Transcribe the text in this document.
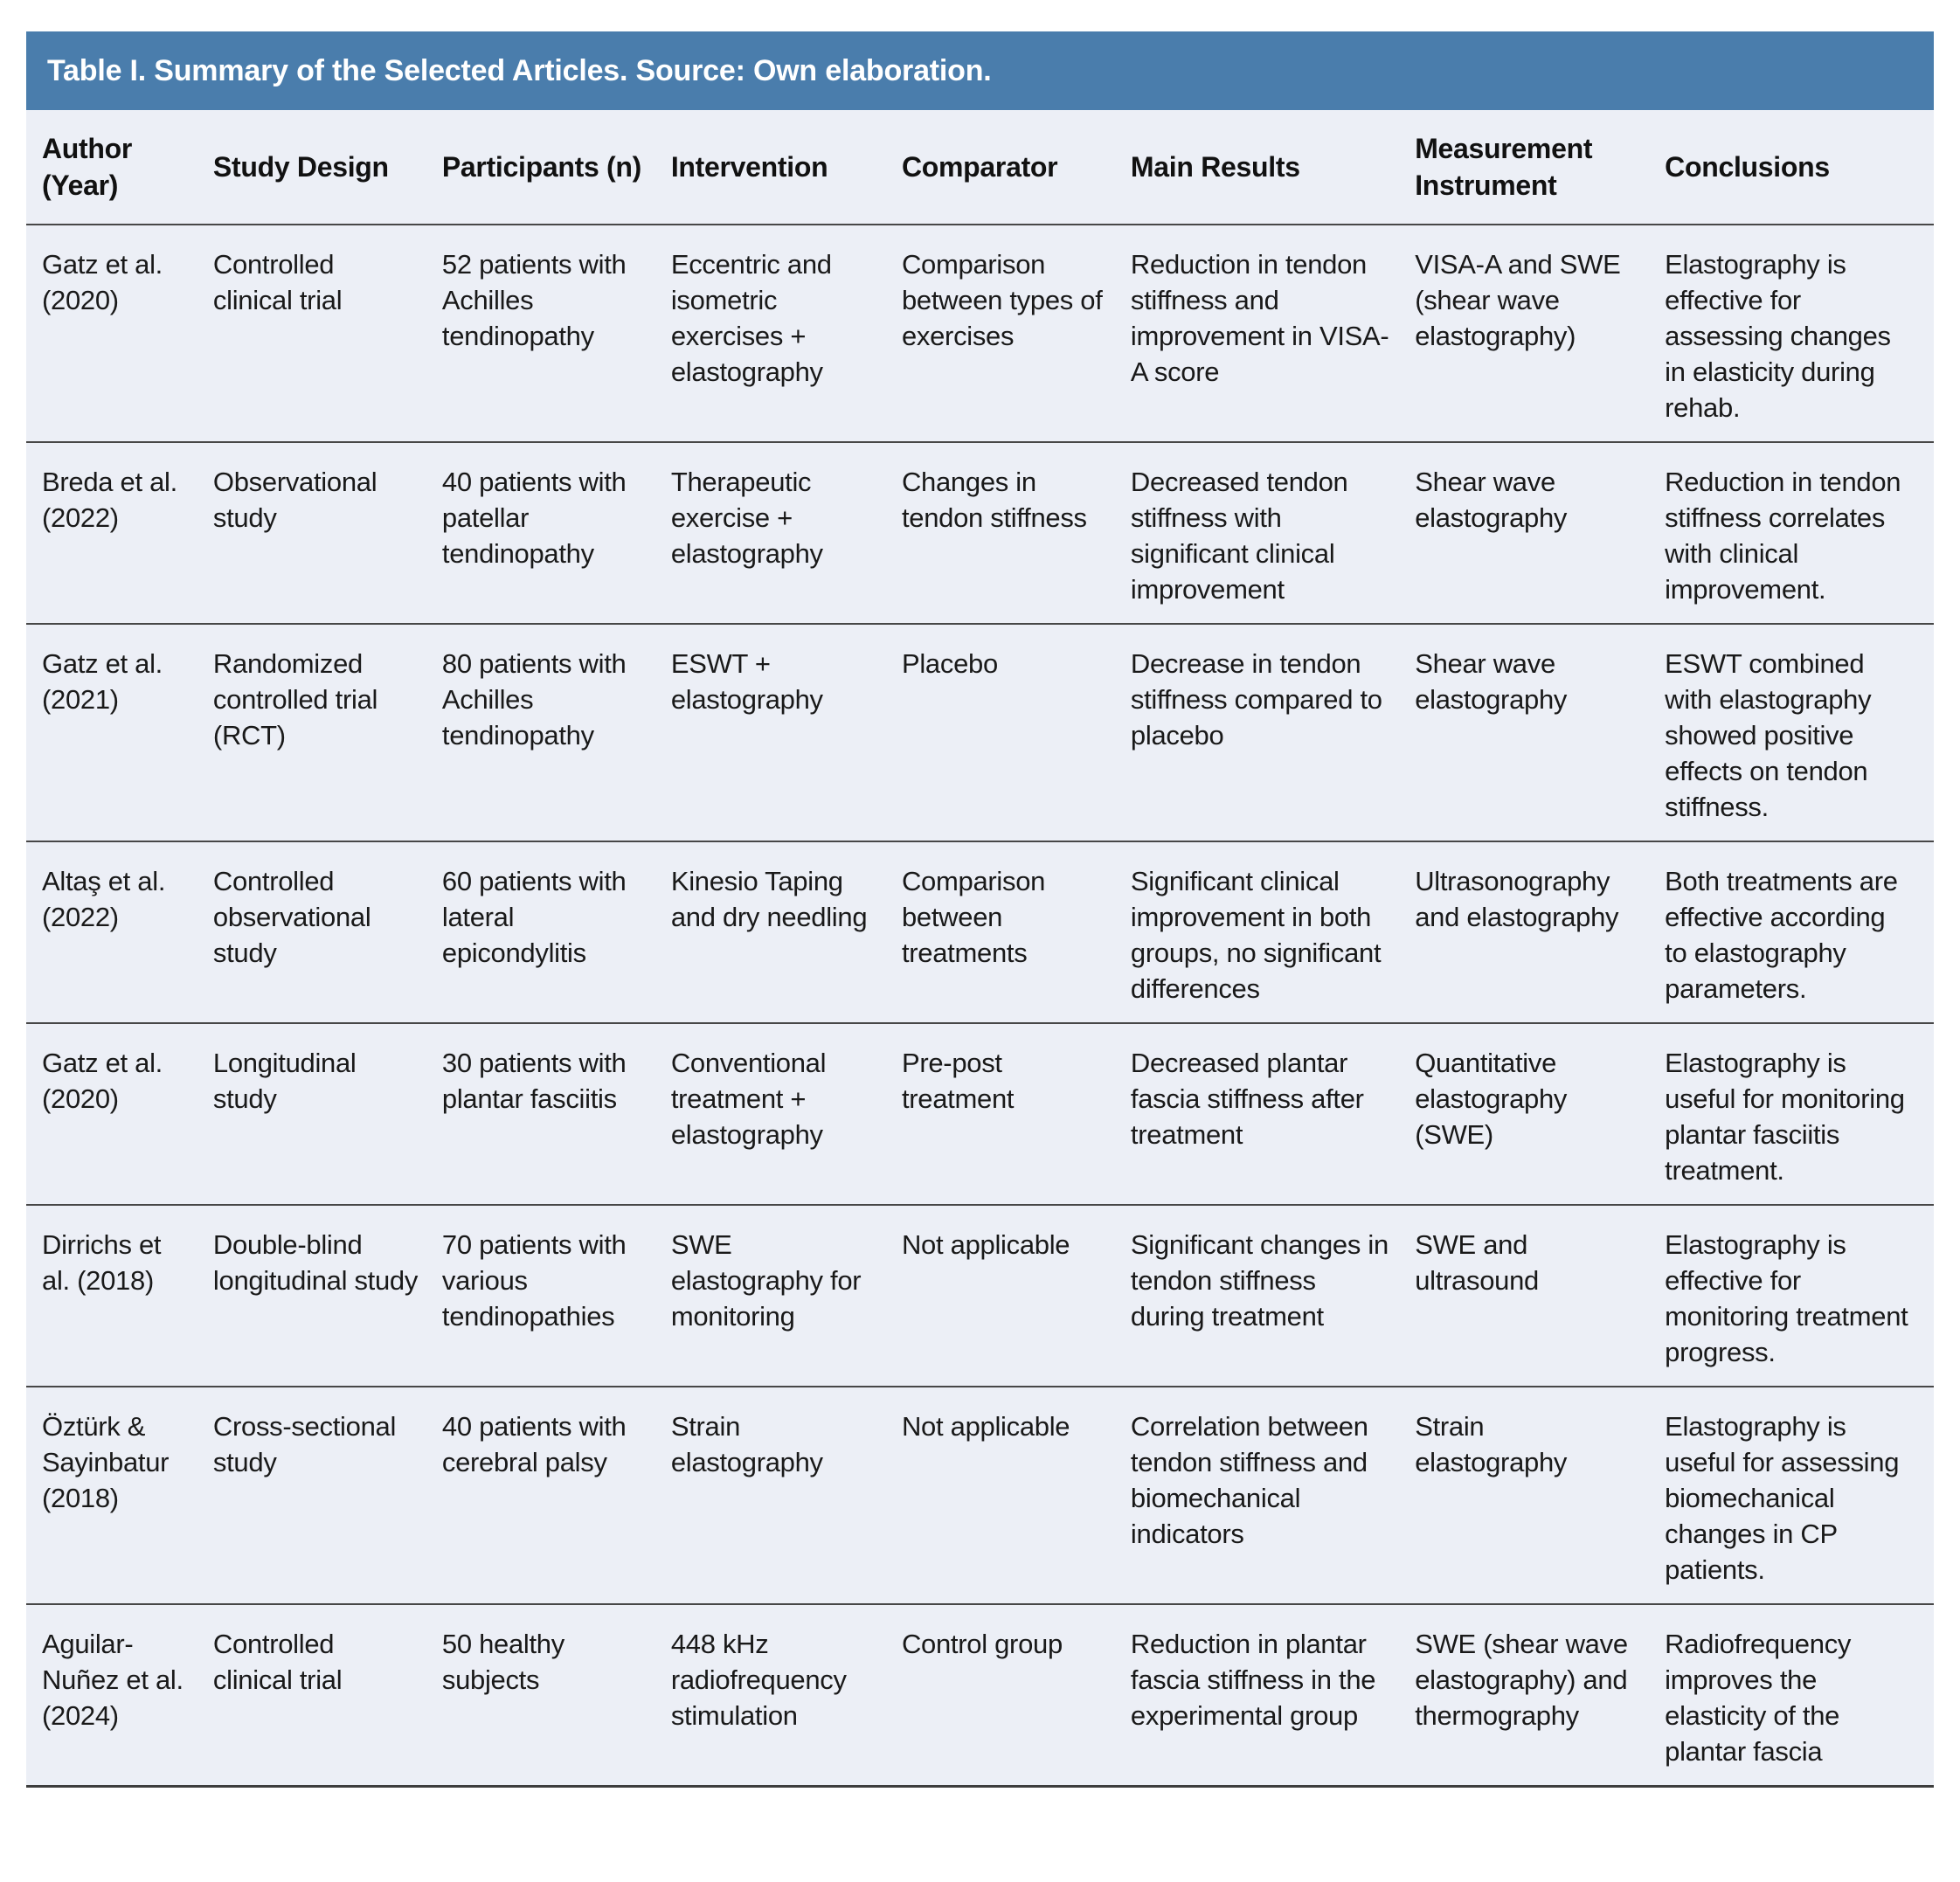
Table I. Summary of the Selected Articles. Source: Own elaboration.
Author (Year)	Study Design	Participants (n)	Intervention	Comparator	Main Results	Measurement Instrument	Conclusions
Gatz et al. (2020)	Controlled clinical trial	52 patients with Achilles tendinopathy	Eccentric and isometric exercises + elastography	Comparison between types of exercises	Reduction in tendon stiffness and improvement in VISA-A score	VISA-A and SWE (shear wave elastography)	Elastography is effective for assessing changes in elasticity during rehab.
Breda et al. (2022)	Observational study	40 patients with patellar tendinopathy	Therapeutic exercise + elastography	Changes in tendon stiffness	Decreased tendon stiffness with significant clinical improvement	Shear wave elastography	Reduction in tendon stiffness correlates with clinical improvement.
Gatz et al. (2021)	Randomized controlled trial (RCT)	80 patients with Achilles tendinopathy	ESWT + elastography	Placebo	Decrease in tendon stiffness compared to placebo	Shear wave elastography	ESWT combined with elastography showed positive effects on tendon stiffness.
Altaş et al. (2022)	Controlled observational study	60 patients with lateral epicondylitis	Kinesio Taping and dry needling	Comparison between treatments	Significant clinical improvement in both groups, no significant differences	Ultrasonography and elastography	Both treatments are effective according to elastography parameters.
Gatz et al. (2020)	Longitudinal study	30 patients with plantar fasciitis	Conventional treatment + elastography	Pre-post treatment	Decreased plantar fascia stiffness after treatment	Quantitative elastography (SWE)	Elastography is useful for monitoring plantar fasciitis treatment.
Dirrichs et al. (2018)	Double-blind longitudinal study	70 patients with various tendinopathies	SWE elastography for monitoring	Not applicable	Significant changes in tendon stiffness during treatment	SWE and ultrasound	Elastography is effective for monitoring treatment progress.
Öztürk & Sayinbatur (2018)	Cross-sectional study	40 patients with cerebral palsy	Strain elastography	Not applicable	Correlation between tendon stiffness and biomechanical indicators	Strain elastography	Elastography is useful for assessing biomechanical changes in CP patients.
Aguilar-Nuñez et al. (2024)	Controlled clinical trial	50 healthy subjects	448 kHz radiofrequency stimulation	Control group	Reduction in plantar fascia stiffness in the experimental group	SWE (shear wave elastography) and thermography	Radiofrequency improves the elasticity of the plantar fascia
